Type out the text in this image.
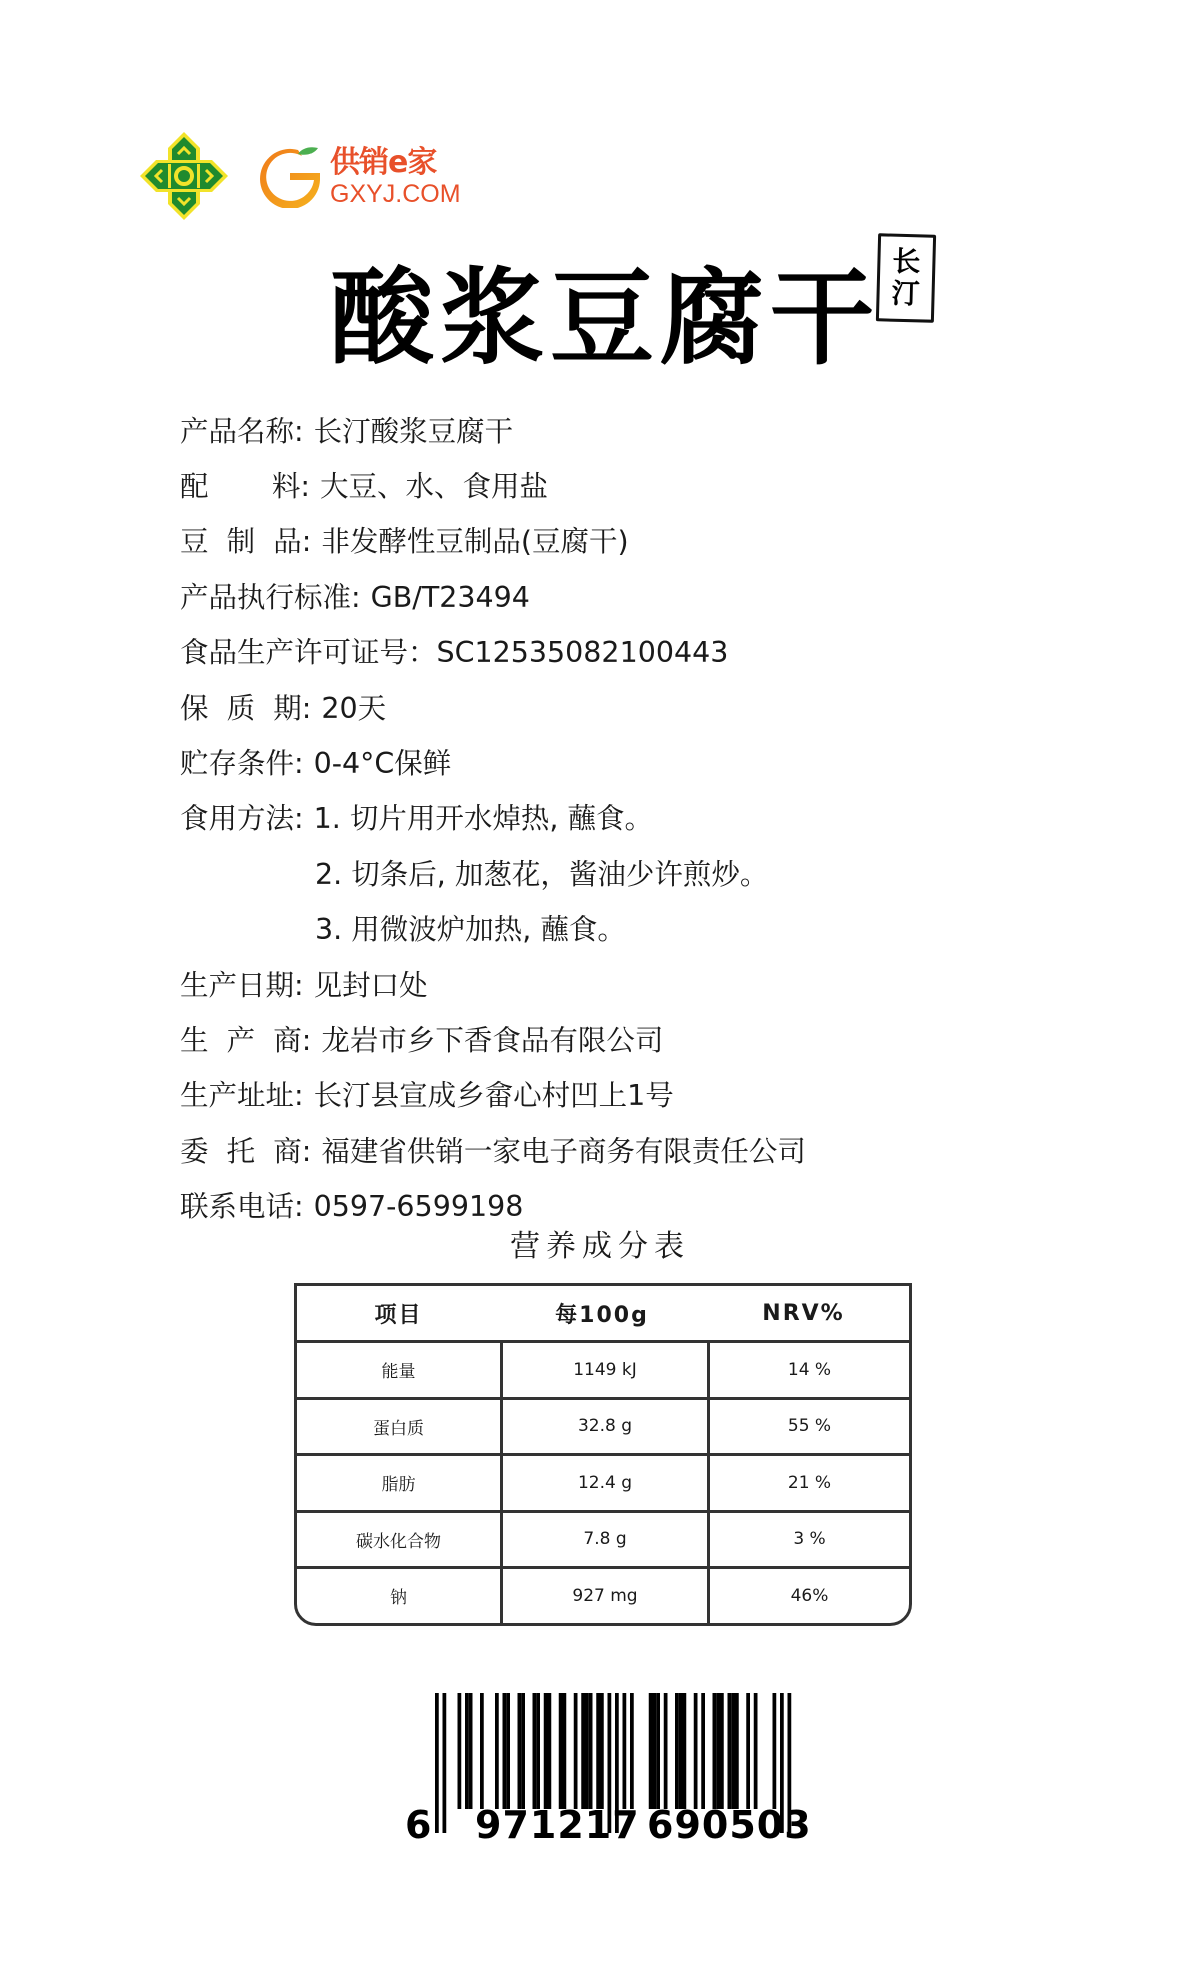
供销e家
GXYJ.COM
酸浆豆腐干 长
汀
产品名称: 长汀酸浆豆腐干
配       料: 大豆、水、食用盐
豆  制  品: 非发酵性豆制品(豆腐干)
产品执行标准: GB/T23494
食品生产许可证号： SC12535082100443
保  质  期: 20天
贮存条件: 0-4°C保鲜
食用方法: 1. 切片用开水焯热, 蘸食。
2. 切条后, 加葱花，酱油少许煎炒。
3. 用微波炉加热, 蘸食。
生产日期: 见封口处
生  产  商: 龙岩市乡下香食品有限公司
生产址址: 长汀县宣成乡畲心村凹上1号
委  托  商: 福建省供销一家电子商务有限责任公司
联系电话: 0597-6599198
营养成分表
项目	每100g	NRV%
能量	1149 kJ	14 %
蛋白质	32.8 g	55 %
脂肪	12.4 g	21 %
碳水化合物	7.8 g	3 %
钠	927 mg	46%
6 971217 690503
